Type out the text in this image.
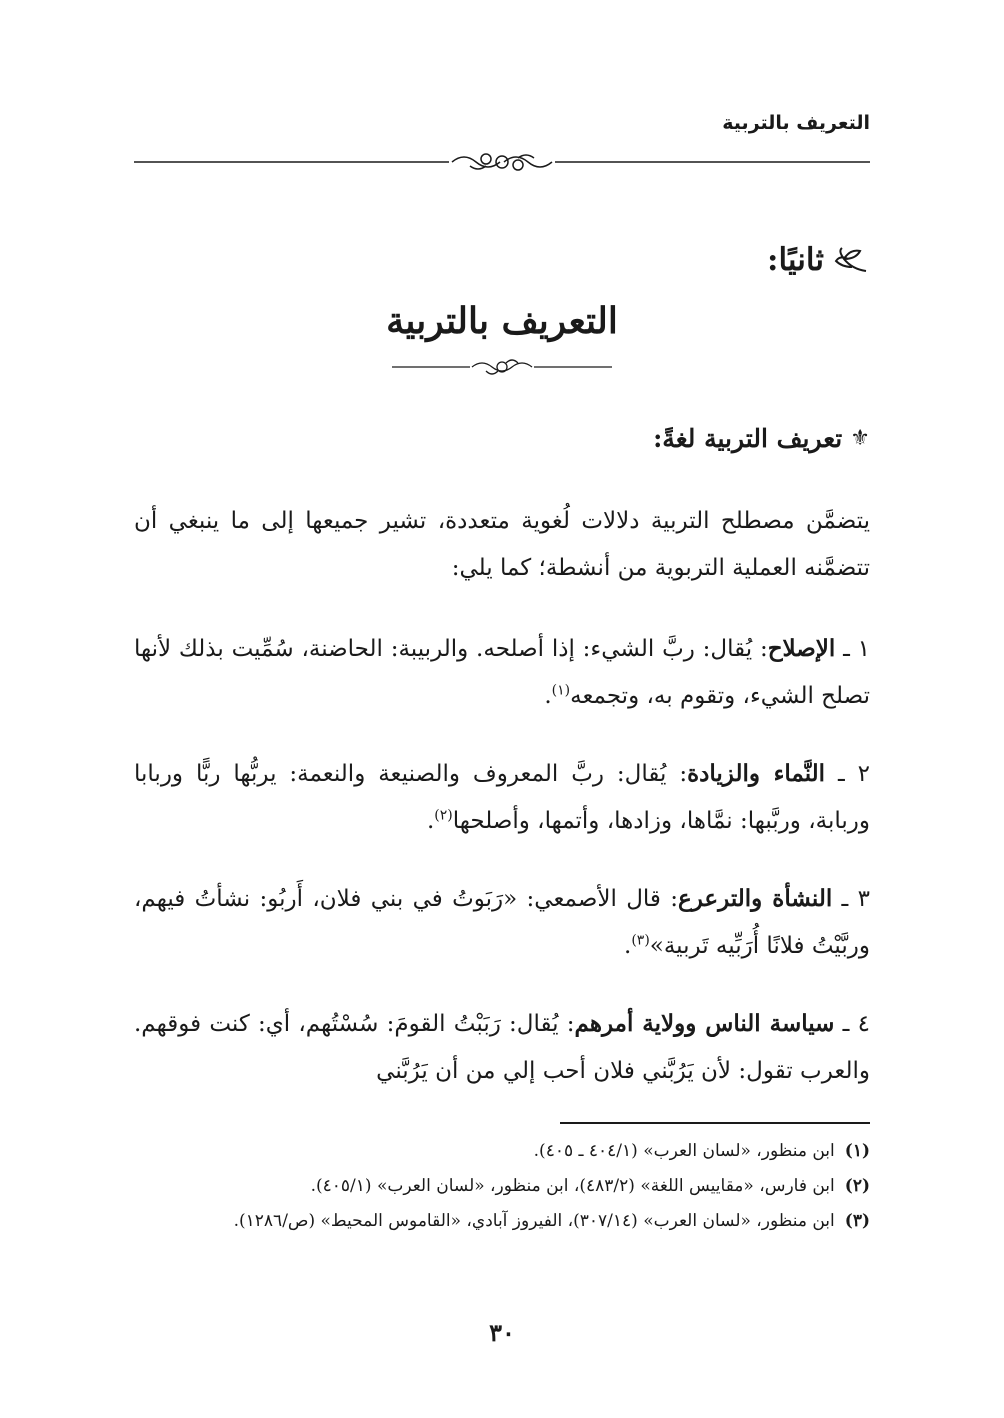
التعريف بالتربية
ثانيًا:
التعريف بالتربية
⚜
تعريف التربية لغةً:
يتضمَّن مصطلح التربية دلالات لُغوية متعددة، تشير جميعها إلى ما ينبغي أن تتضمَّنه العملية التربوية من أنشطة؛ كما يلي:
١ ـ الإصلاح: يُقال: ربَّ الشيء: إذا أصلحه. والربيبة: الحاضنة، سُمِّيت بذلك لأنها تصلح الشيء، وتقوم به، وتجمعه$^{(١)}$.
٢ ـ النَّماء والزيادة: يُقال: ربَّ المعروف والصنيعة والنعمة: يربُّها ربًّا وربابا وربابة، وربَّبها: نمَّاها، وزادها، وأتمها، وأصلحها$^{(٢)}$.
٣ ـ النشأة والترعرع: قال الأصمعي: «رَبَوتُ في بني فلان، أَربُو: نشأتُ فيهم، وربَّيْتُ فلانًا أُرَبِّيه تَربية»$^{(٣)}$.
٤ ـ سياسة الناس وولاية أمرهم: يُقال: رَبَبْتُ القومَ: سُسْتُهم، أي: كنت فوقهم. والعرب تقول: لأن يَرُبَّني فلان أحب إلي من أن يَرُبَّني
(١)
ابن منظور، «لسان العرب» (٤٠٤/١ ـ ٤٠٥).
(٢)
ابن فارس، «مقاييس اللغة» (٤٨٣/٢)، ابن منظور، «لسان العرب» (٤٠٥/١).
(٣)
ابن منظور، «لسان العرب» (٣٠٧/١٤)، الفيروز آبادي، «القاموس المحيط» (ص/١٢٨٦).
٣٠
